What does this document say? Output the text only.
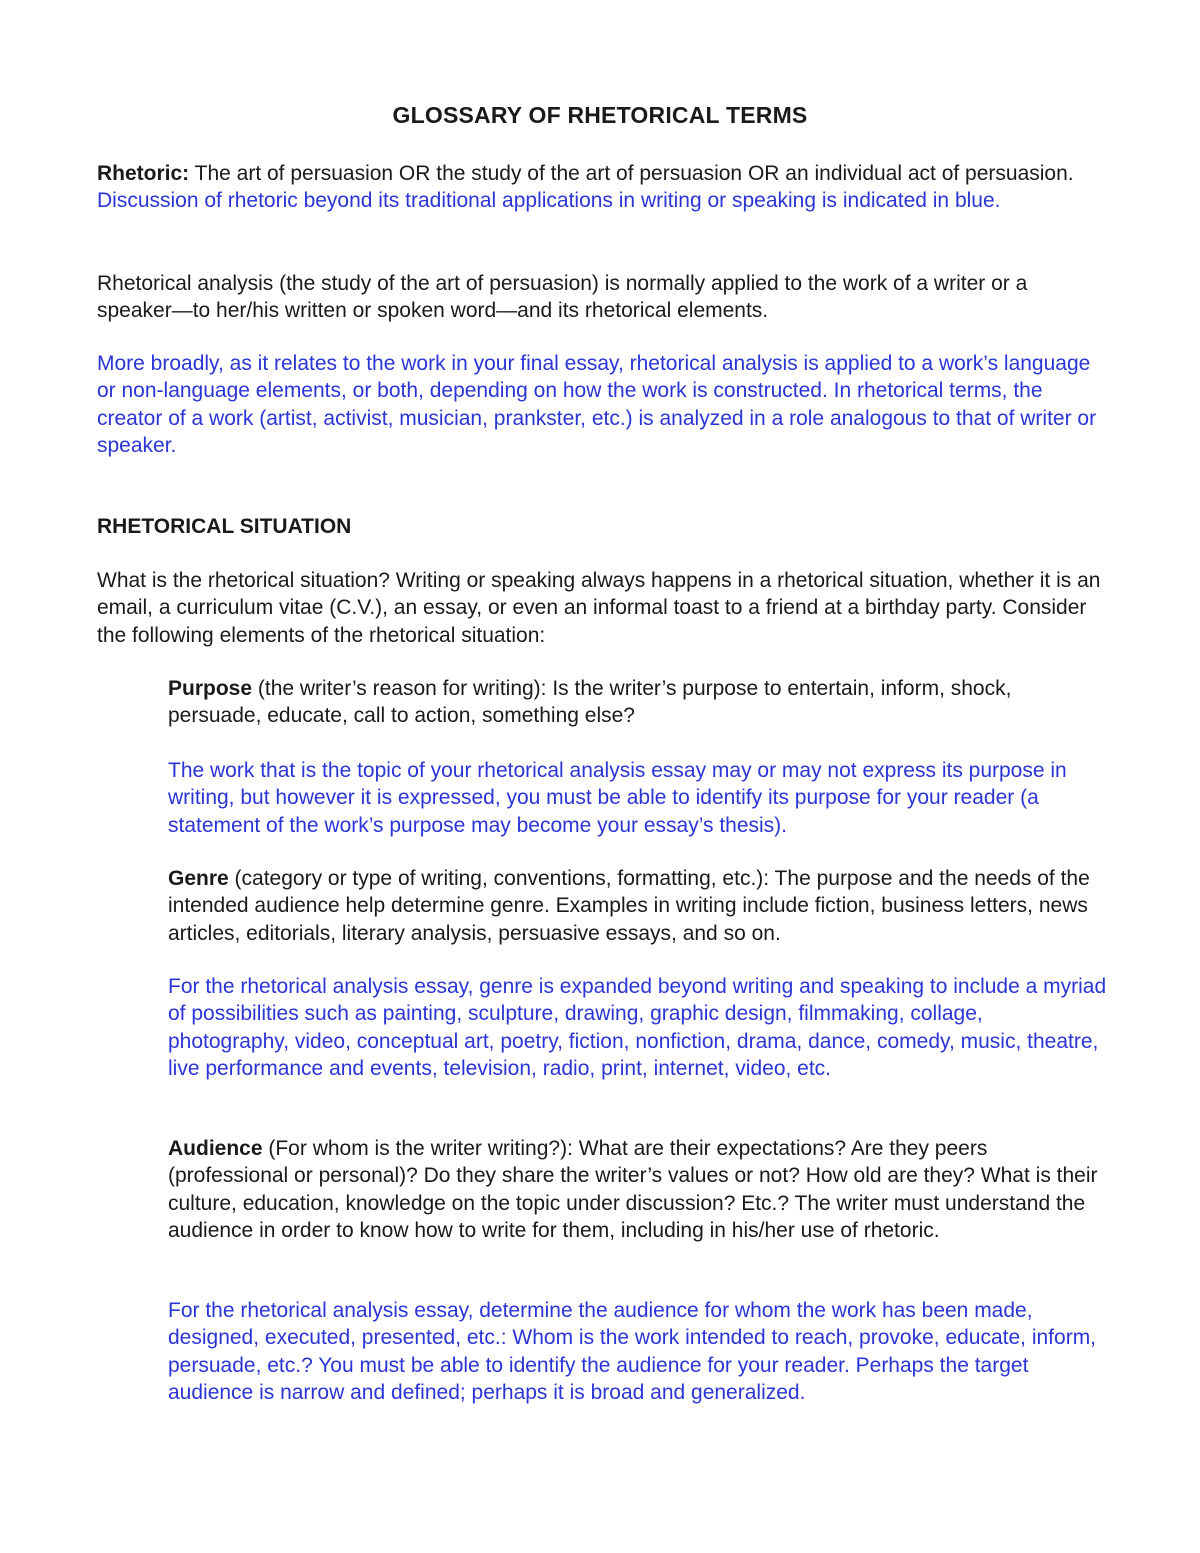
GLOSSARY OF RHETORICAL TERMS

Rhetoric: The art of persuasion OR the study of the art of persuasion OR an individual act of persuasion. Discussion of rhetoric beyond its traditional applications in writing or speaking is indicated in blue.

Rhetorical analysis (the study of the art of persuasion) is normally applied to the work of a writer or a speaker—to her/his written or spoken word—and its rhetorical elements.

More broadly, as it relates to the work in your final essay, rhetorical analysis is applied to a work’s language or non-language elements, or both, depending on how the work is constructed. In rhetorical terms, the creator of a work (artist, activist, musician, prankster, etc.) is analyzed in a role analogous to that of writer or speaker.

RHETORICAL SITUATION

What is the rhetorical situation? Writing or speaking always happens in a rhetorical situation, whether it is an email, a curriculum vitae (C.V.), an essay, or even an informal toast to a friend at a birthday party. Consider the following elements of the rhetorical situation:

Purpose (the writer’s reason for writing): Is the writer’s purpose to entertain, inform, shock, persuade, educate, call to action, something else?

The work that is the topic of your rhetorical analysis essay may or may not express its purpose in writing, but however it is expressed, you must be able to identify its purpose for your reader (a statement of the work’s purpose may become your essay’s thesis).

Genre (category or type of writing, conventions, formatting, etc.): The purpose and the needs of the intended audience help determine genre. Examples in writing include fiction, business letters, news articles, editorials, literary analysis, persuasive essays, and so on.

For the rhetorical analysis essay, genre is expanded beyond writing and speaking to include a myriad of possibilities such as painting, sculpture, drawing, graphic design, filmmaking, collage, photography, video, conceptual art, poetry, fiction, nonfiction, drama, dance, comedy, music, theatre, live performance and events, television, radio, print, internet, video, etc.

Audience (For whom is the writer writing?): What are their expectations? Are they peers (professional or personal)? Do they share the writer’s values or not? How old are they? What is their culture, education, knowledge on the topic under discussion? Etc.? The writer must understand the audience in order to know how to write for them, including in his/her use of rhetoric.

For the rhetorical analysis essay, determine the audience for whom the work has been made, designed, executed, presented, etc.: Whom is the work intended to reach, provoke, educate, inform, persuade, etc.? You must be able to identify the audience for your reader. Perhaps the target audience is narrow and defined; perhaps it is broad and generalized.
